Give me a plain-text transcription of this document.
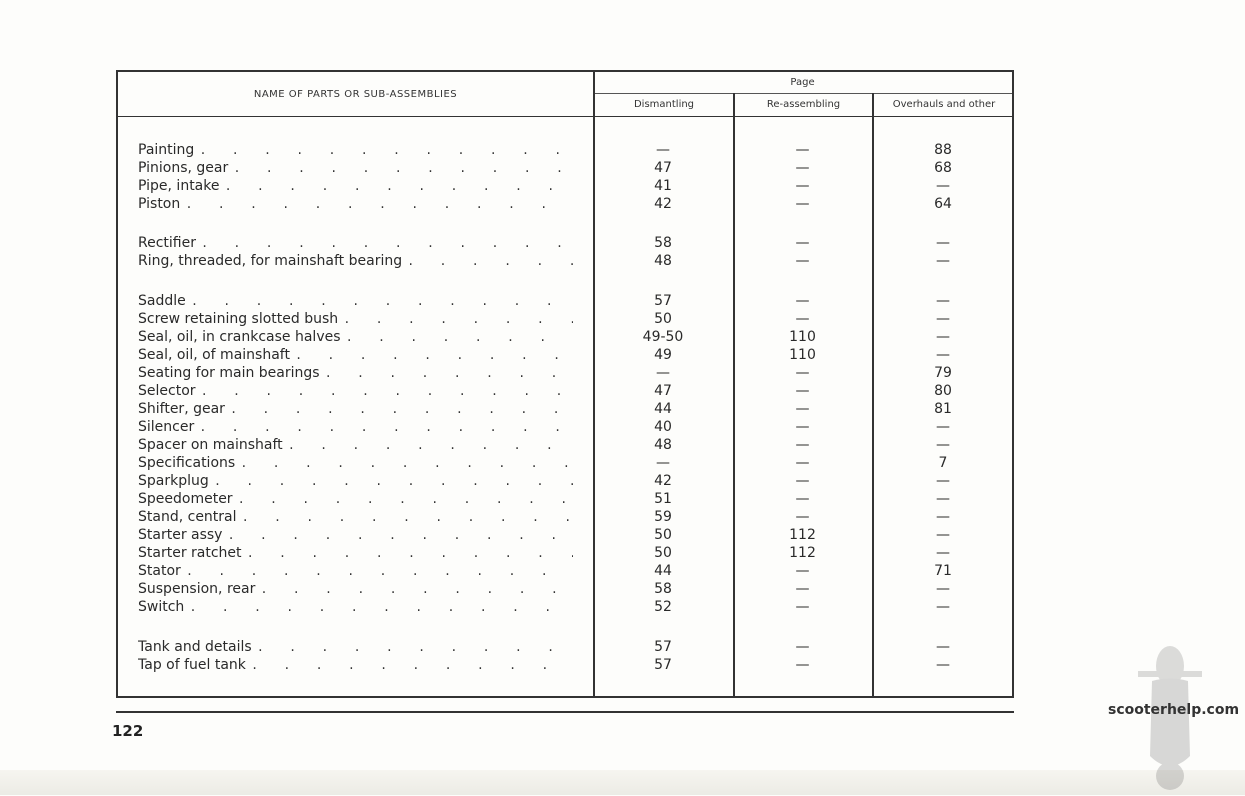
NAME OF PARTS OR SUB-ASSEMBLIES
Page
Dismantling	Re-assembling	Overhauls and other
Painting .	—	—	88
Pinions, gear .	47	—	68
Pipe, intake .	41	—	—
Piston .	42	—	64
Rectifier .	58	—	—
Ring, threaded, for mainshaft bearing .	48	—	—
Saddle .	57	—	—
Screw retaining slotted bush .	50	—	—
Seal, oil, in crankcase halves .	49-50	110	—
Seal, oil, of mainshaft .	49	110	—
Seating for main bearings .	—	—	79
Selector .	47	—	80
Shifter, gear .	44	—	81
Silencer .	40	—	—
Spacer on mainshaft .	48	—	—
Specifications .	—	—	7
Sparkplug .	42	—	—
Speedometer .	51	—	—
Stand, central .	59	—	—
Starter assy .	50	112	—
Starter ratchet .	50	112	—
Stator .	44	—	71
Suspension, rear .	58	—	—
Switch .	52	—	—
Tank and details .	57	—	—
Tap of fuel tank .	57	—	—
122
scooterhelp.com
